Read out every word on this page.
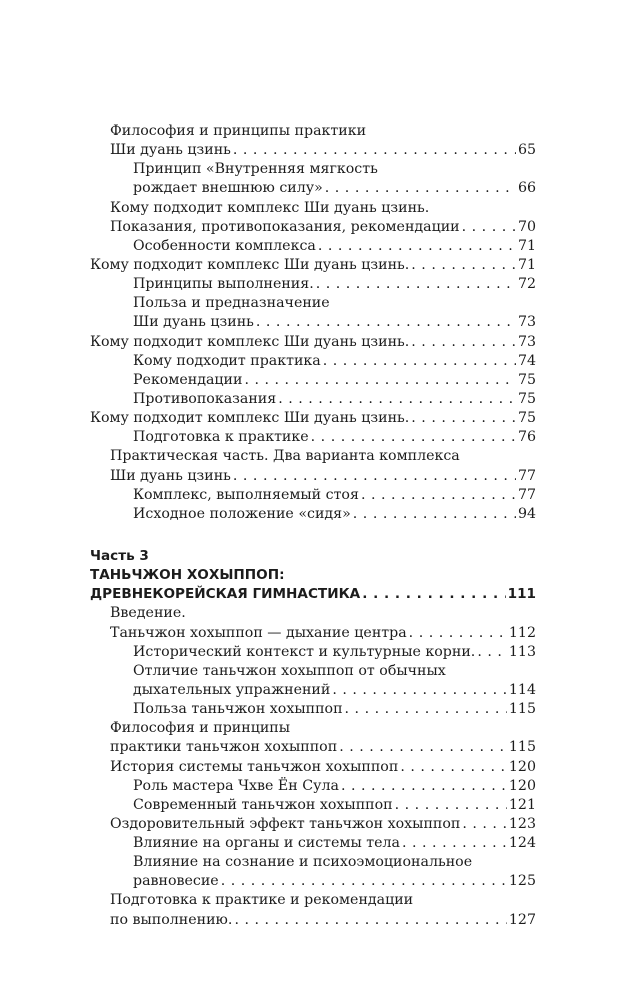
Философия и принципы практики
Ши дуань цзинь . . .	65
Принцип «Внутренняя мягкость
рождает внешнюю силу» . . .	66
Кому подходит комплекс Ши дуань цзинь.
Показания, противопоказания, рекомендации . . .	70
Особенности комплекса . . .	71
Кому подходит комплекс Ши дуань цзинь. . . .	71
Принципы выполнения. . . .	72
Польза и предназначение
Ши дуань цзинь . . .	73
Кому подходит комплекс Ши дуань цзинь. . . .	73
Кому подходит практика . . .	74
Рекомендации . . .	75
Противопоказания . . .	75
Кому подходит комплекс Ши дуань цзинь. . . .	75
Подготовка к практике . . .	76
Практическая часть. Два варианта комплекса
Ши дуань цзинь . . .	77
Комплекс, выполняемый стоя . . .	77
Исходное положение «сидя» . . .	94
Часть 3
ТАНЬЧЖОН ХОХЫППОП:
ДРЕВНЕКОРЕЙСКАЯ ГИМНАСТИКА . . .	111
Введение.
Таньчжон хохыппоп — дыхание центра . . .	112
Исторический контекст и культурные корни. . . . 113
Отличие таньчжон хохыппоп от обычных
дыхательных упражнений . . .	114
Польза таньчжон хохыппоп . . .	115
Философия и принципы
практики таньчжон хохыппоп . . .	115
История системы таньчжон хохыппоп . . .	120
Роль мастера Чхве Ён Сула . . .	120
Современный таньчжон хохыппоп . . .	121
Оздоровительный эффект таньчжон хохыппоп . . .	123
Влияние на органы и системы тела . . .	124
Влияние на сознание и психоэмоциональное
равновесие . . .	125
Подготовка к практике и рекомендации
по выполнению. . . .	127
